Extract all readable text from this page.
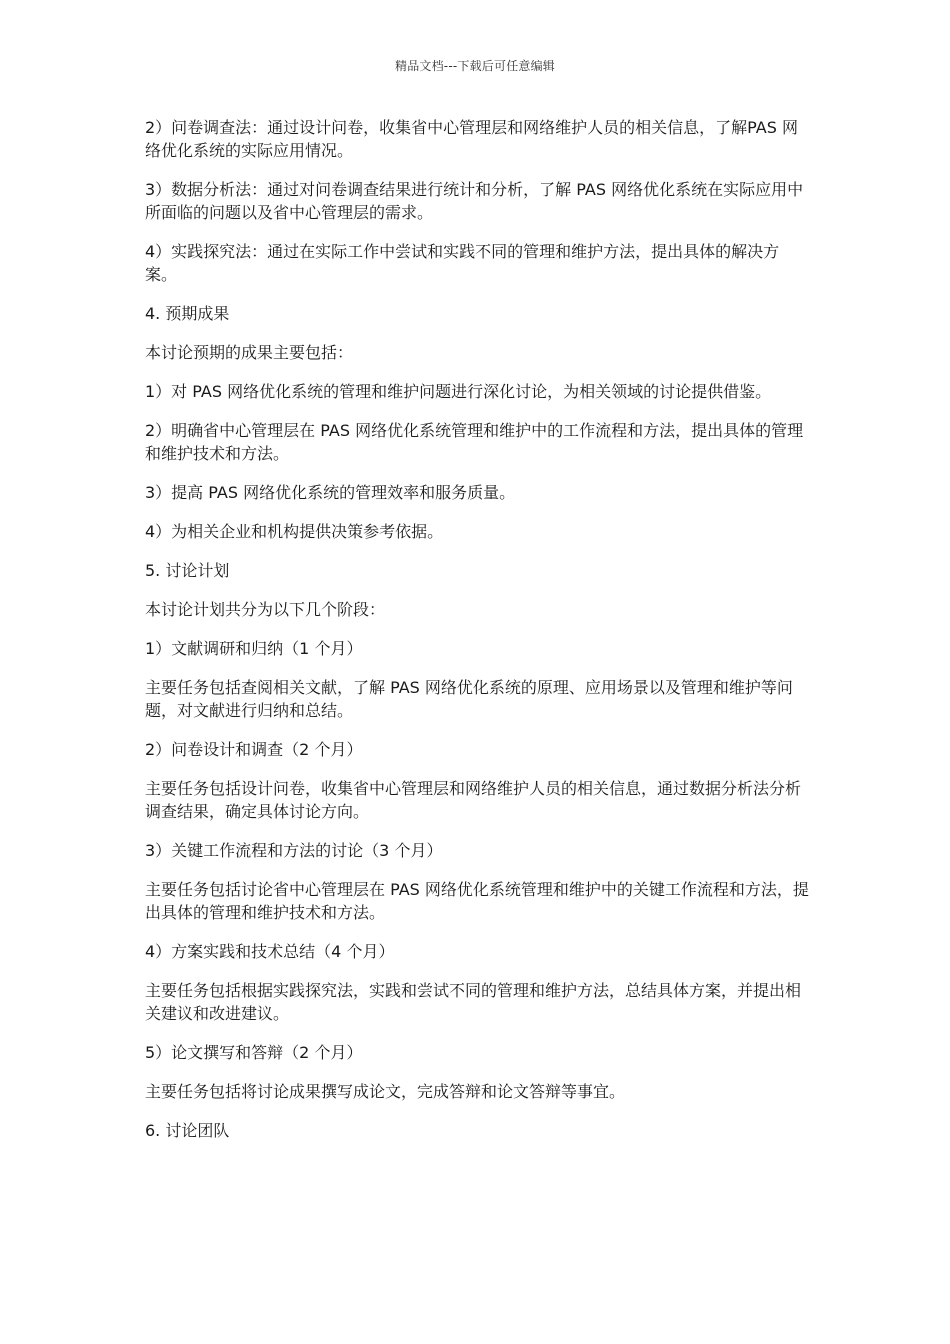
精品文档---下载后可任意编辑

2）问卷调查法：通过设计问卷，收集省中心管理层和网络维护人员的相关信息，了解PAS 网络优化系统的实际应用情况。

3）数据分析法：通过对问卷调查结果进行统计和分析，了解 PAS 网络优化系统在实际应用中所面临的问题以及省中心管理层的需求。

4）实践探究法：通过在实际工作中尝试和实践不同的管理和维护方法，提出具体的解决方案。

4. 预期成果

本讨论预期的成果主要包括：

1）对 PAS 网络优化系统的管理和维护问题进行深化讨论，为相关领域的讨论提供借鉴。

2）明确省中心管理层在 PAS 网络优化系统管理和维护中的工作流程和方法，提出具体的管理和维护技术和方法。

3）提高 PAS 网络优化系统的管理效率和服务质量。

4）为相关企业和机构提供决策参考依据。

5. 讨论计划

本讨论计划共分为以下几个阶段：

1）文献调研和归纳（1 个月）

主要任务包括查阅相关文献，了解 PAS 网络优化系统的原理、应用场景以及管理和维护等问题，对文献进行归纳和总结。

2）问卷设计和调查（2 个月）

主要任务包括设计问卷，收集省中心管理层和网络维护人员的相关信息，通过数据分析法分析调查结果，确定具体讨论方向。

3）关键工作流程和方法的讨论（3 个月）

主要任务包括讨论省中心管理层在 PAS 网络优化系统管理和维护中的关键工作流程和方法，提出具体的管理和维护技术和方法。

4）方案实践和技术总结（4 个月）

主要任务包括根据实践探究法，实践和尝试不同的管理和维护方法，总结具体方案，并提出相关建议和改进建议。

5）论文撰写和答辩（2 个月）

主要任务包括将讨论成果撰写成论文，完成答辩和论文答辩等事宜。

6. 讨论团队
